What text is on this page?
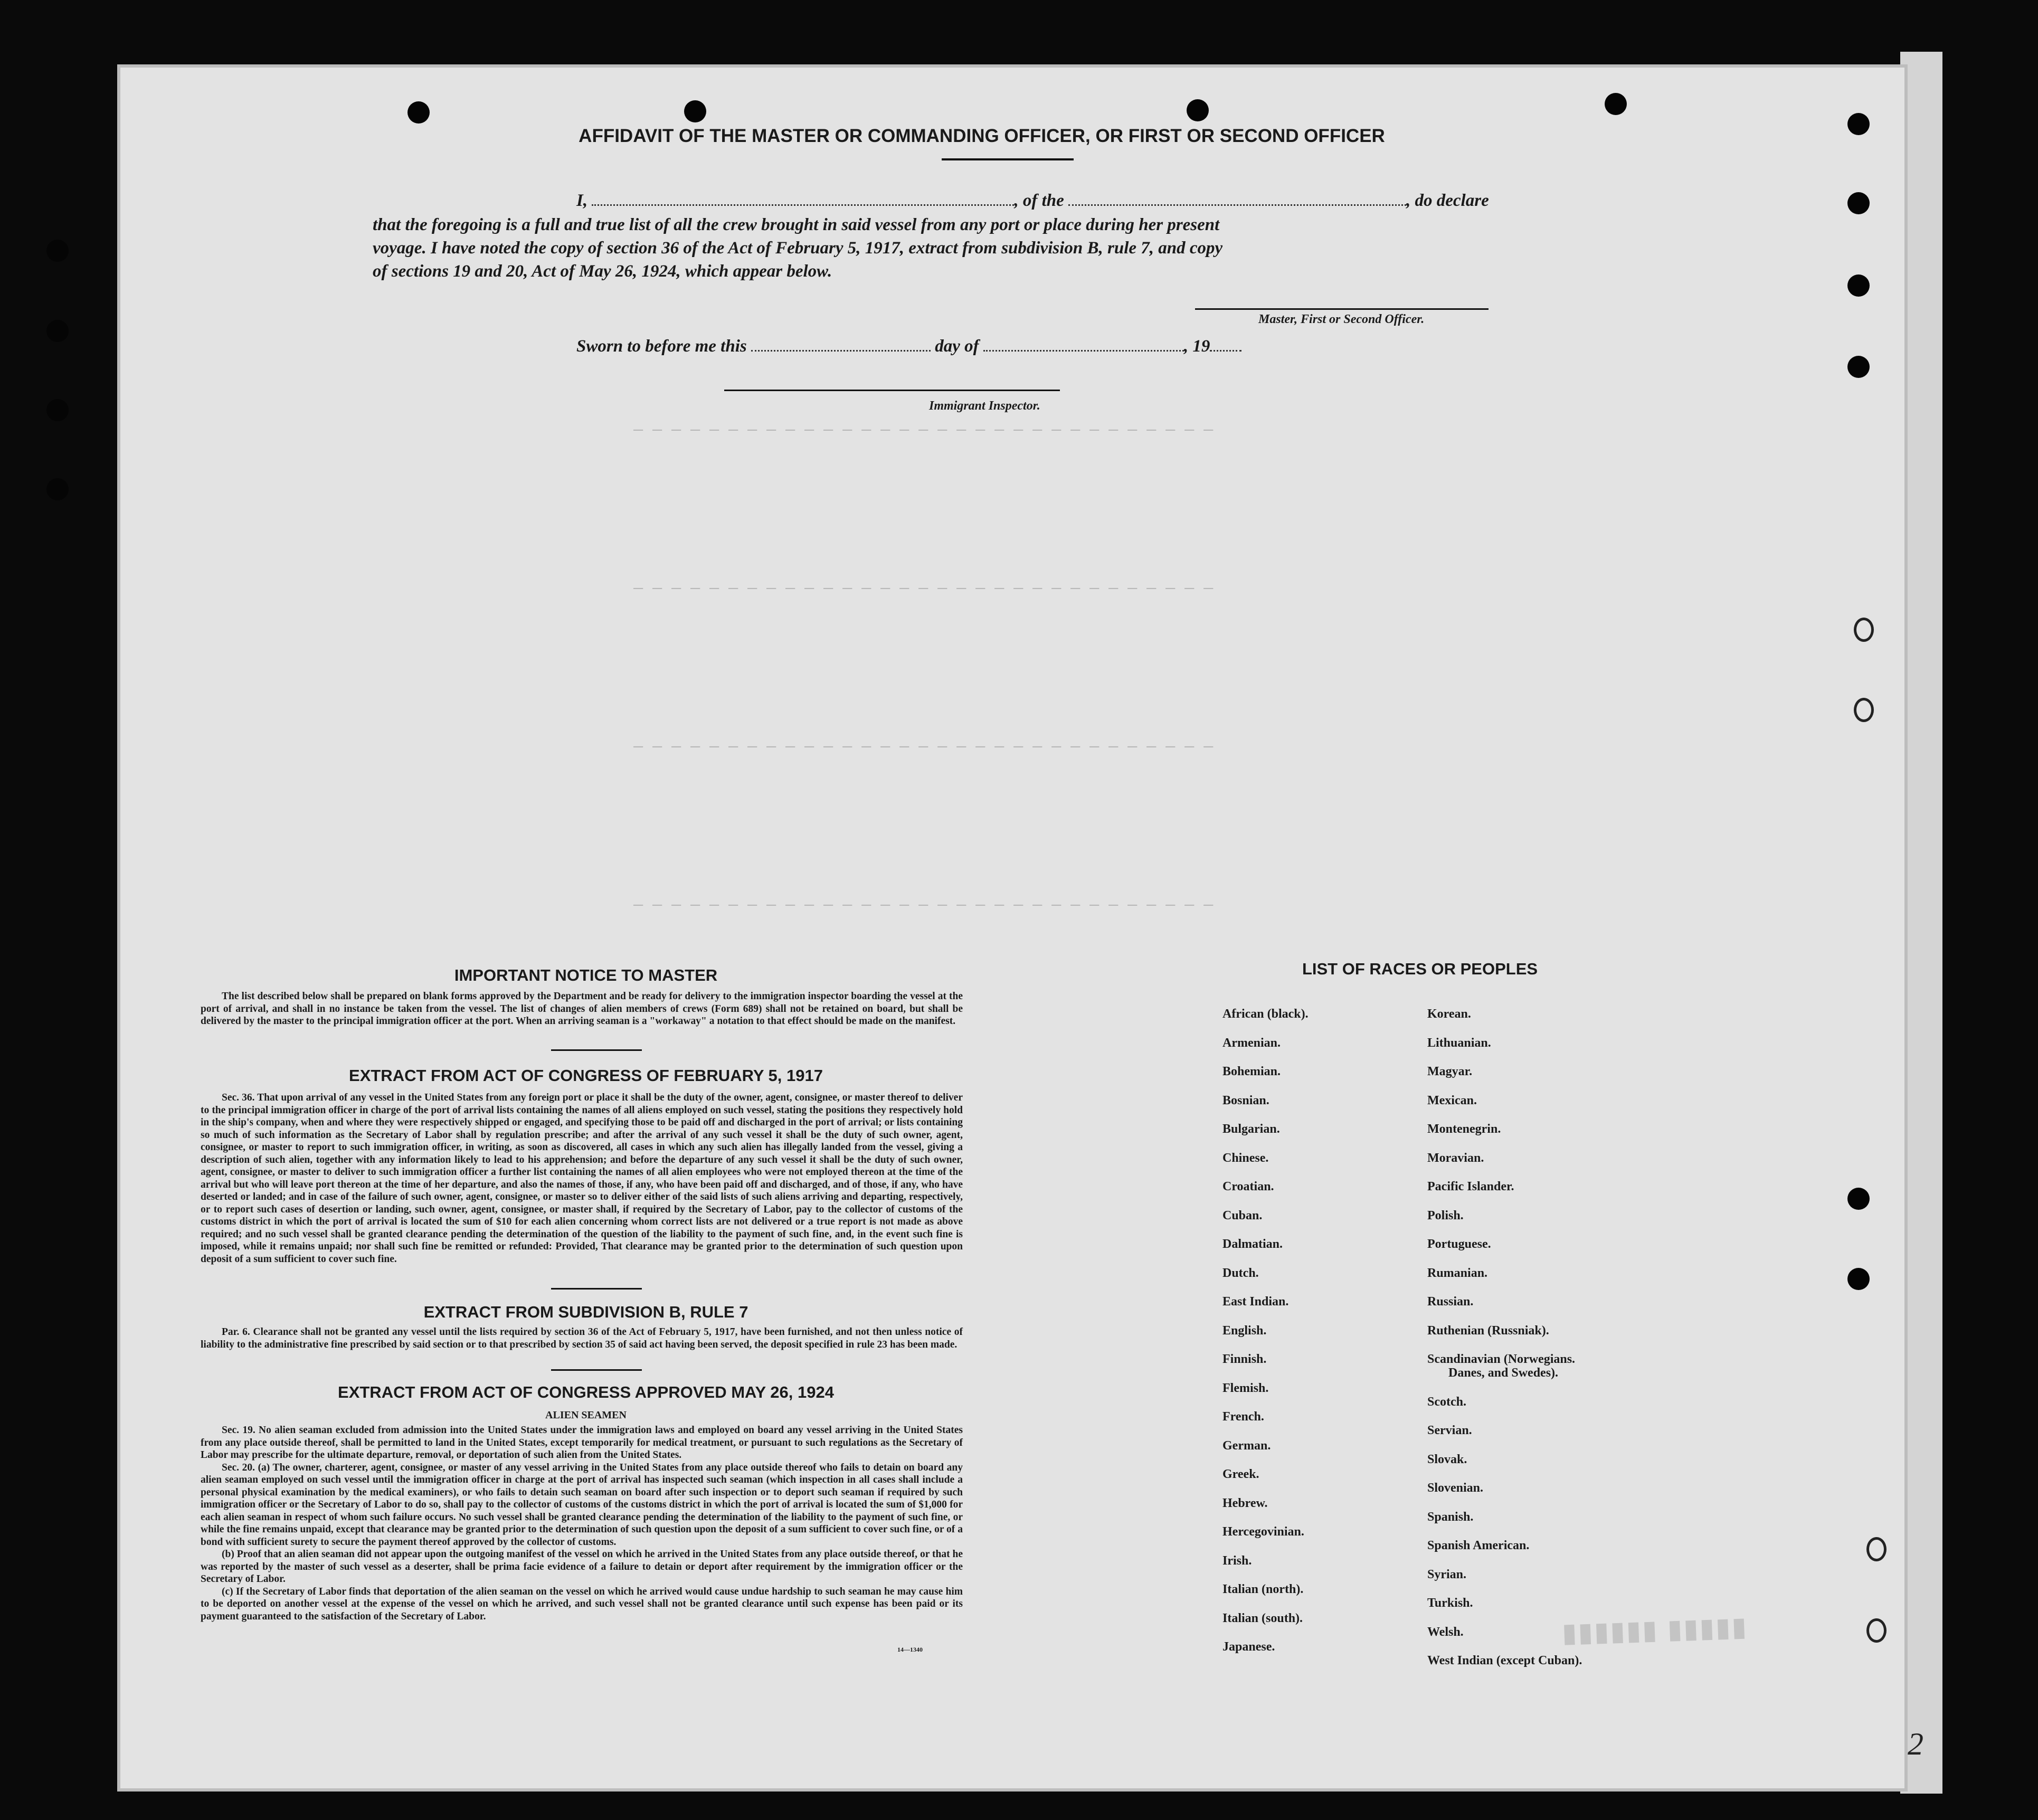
─ ─ ─ ─ ─ ─ ─ ─ ─ ─ ─ ─ ─ ─ ─ ─ ─ ─ ─ ─ ─ ─ ─ ─ ─ ─ ─ ─ ─ ─ ─
─ ─ ─ ─ ─ ─ ─ ─ ─ ─ ─ ─ ─ ─ ─ ─ ─ ─ ─ ─ ─ ─ ─ ─ ─ ─ ─ ─ ─ ─ ─
─ ─ ─ ─ ─ ─ ─ ─ ─ ─ ─ ─ ─ ─ ─ ─ ─ ─ ─ ─ ─ ─ ─ ─ ─ ─ ─ ─ ─ ─ ─
─ ─ ─ ─ ─ ─ ─ ─ ─ ─ ─ ─ ─ ─ ─ ─ ─ ─ ─ ─ ─ ─ ─ ─ ─ ─ ─ ─ ─ ─ ─
AFFIDAVIT OF THE MASTER OR COMMANDING OFFICER, OR FIRST OR SECOND OFFICER
I,	, of the	, do declare
that the foregoing is a full and true list of all the crew brought in said vessel from any port or place during her present
voyage. I have noted the copy of section 36 of the Act of February 5, 1917, extract from subdivision B, rule 7, and copy
of sections 19 and 20, Act of May 26, 1924, which appear below.
Master, First or Second Officer.
Sworn to before me this	day of	, 19
Immigrant Inspector.
IMPORTANT NOTICE TO MASTER

The list described below shall be prepared on blank forms approved by the Department and be ready for delivery to the immigration inspector boarding the vessel at the port of arrival, and shall in no instance be taken from the vessel. The list of changes of alien members of crews (Form 689) shall not be retained on board, but shall be delivered by the master to the principal immigration officer at the port. When an arriving seaman is a "workaway" a notation to that effect should be made on the manifest.

EXTRACT FROM ACT OF CONGRESS OF FEBRUARY 5, 1917

Sec. 36. That upon arrival of any vessel in the United States from any foreign port or place it shall be the duty of the owner, agent, consignee, or master thereof to deliver to the principal immigration officer in charge of the port of arrival lists containing the names of all aliens employed on such vessel, stating the positions they respectively hold in the ship's company, when and where they were respectively shipped or engaged, and specifying those to be paid off and discharged in the port of arrival; or lists containing so much of such information as the Secretary of Labor shall by regulation prescribe; and after the arrival of any such vessel it shall be the duty of such owner, agent, consignee, or master to report to such immigration officer, in writing, as soon as discovered, all cases in which any such alien has illegally landed from the vessel, giving a description of such alien, together with any information likely to lead to his apprehension; and before the departure of any such vessel it shall be the duty of such owner, agent, consignee, or master to deliver to such immigration officer a further list containing the names of all alien employees who were not employed thereon at the time of the arrival but who will leave port thereon at the time of her departure, and also the names of those, if any, who have been paid off and discharged, and of those, if any, who have deserted or landed; and in case of the failure of such owner, agent, consignee, or master so to deliver either of the said lists of such aliens arriving and departing, respectively, or to report such cases of desertion or landing, such owner, agent, consignee, or master shall, if required by the Secretary of Labor, pay to the collector of customs of the customs district in which the port of arrival is located the sum of $10 for each alien concerning whom correct lists are not delivered or a true report is not made as above required; and no such vessel shall be granted clearance pending the determination of the question of the liability to the payment of such fine, and, in the event such fine is imposed, while it remains unpaid; nor shall such fine be remitted or refunded: Provided, That clearance may be granted prior to the determination of such question upon deposit of a sum sufficient to cover such fine.

EXTRACT FROM SUBDIVISION B, RULE 7

Par. 6. Clearance shall not be granted any vessel until the lists required by section 36 of the Act of February 5, 1917, have been furnished, and not then unless notice of liability to the administrative fine prescribed by said section or to that prescribed by section 35 of said act having been served, the deposit specified in rule 23 has been made.

EXTRACT FROM ACT OF CONGRESS APPROVED MAY 26, 1924
ALIEN SEAMEN

Sec. 19. No alien seaman excluded from admission into the United States under the immigration laws and employed on board any vessel arriving in the United States from any place outside thereof, shall be permitted to land in the United States, except temporarily for medical treatment, or pursuant to such regulations as the Secretary of Labor may prescribe for the ultimate departure, removal, or deportation of such alien from the United States.

Sec. 20. (a) The owner, charterer, agent, consignee, or master of any vessel arriving in the United States from any place outside thereof who fails to detain on board any alien seaman employed on such vessel until the immigration officer in charge at the port of arrival has inspected such seaman (which inspection in all cases shall include a personal physical examination by the medical examiners), or who fails to detain such seaman on board after such inspection or to deport such seaman if required by such immigration officer or the Secretary of Labor to do so, shall pay to the collector of customs of the customs district in which the port of arrival is located the sum of $1,000 for each alien seaman in respect of whom such failure occurs. No such vessel shall be granted clearance pending the determination of the liability to the payment of such fine, or while the fine remains unpaid, except that clearance may be granted prior to the determination of such question upon the deposit of a sum sufficient to cover such fine, or of a bond with sufficient surety to secure the payment thereof approved by the collector of customs.

(b) Proof that an alien seaman did not appear upon the outgoing manifest of the vessel on which he arrived in the United States from any place outside thereof, or that he was reported by the master of such vessel as a deserter, shall be prima facie evidence of a failure to detain or deport after requirement by the immigration officer or the Secretary of Labor.

(c) If the Secretary of Labor finds that deportation of the alien seaman on the vessel on which he arrived would cause undue hardship to such seaman he may cause him to be deported on another vessel at the expense of the vessel on which he arrived, and such vessel shall not be granted clearance until such expense has been paid or its payment guaranteed to the satisfaction of the Secretary of Labor.

14—1340
LIST OF RACES OR PEOPLES
African (black).
Armenian.
Bohemian.
Bosnian.
Bulgarian.
Chinese.
Croatian.
Cuban.
Dalmatian.
Dutch.
East Indian.
English.
Finnish.
Flemish.
French.
German.
Greek.
Hebrew.
Hercegovinian.
Irish.
Italian (north).
Italian (south).
Japanese.
Korean.
Lithuanian.
Magyar.
Mexican.
Montenegrin.
Moravian.
Pacific Islander.
Polish.
Portuguese.
Rumanian.
Russian.
Ruthenian (Russniak).
Scandinavian (Norwegians.
Danes, and Swedes).
Scotch.
Servian.
Slovak.
Slovenian.
Spanish.
Spanish American.
Syrian.
Turkish.
Welsh.
West Indian (except Cuban).
▮▮▮▮▮▮ ▮▮▮▮▮
2
